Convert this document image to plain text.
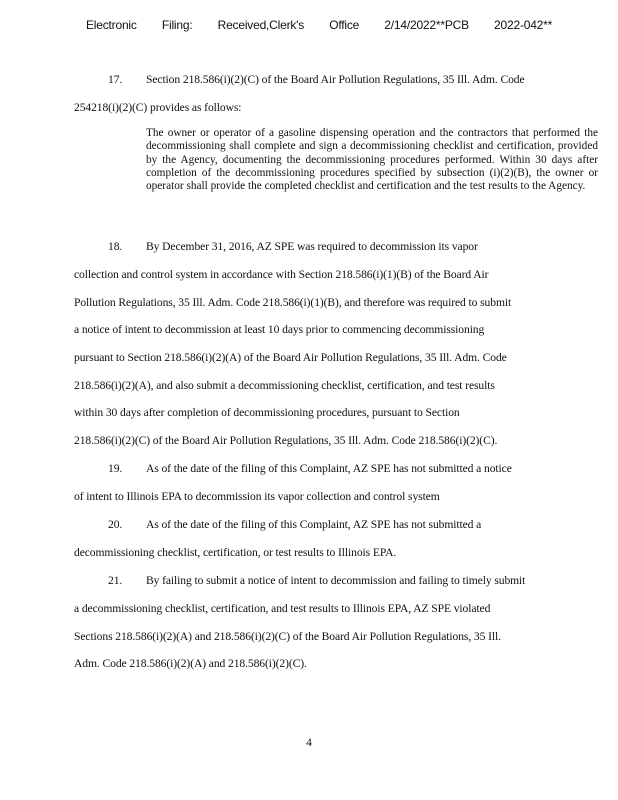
Electronic Filing: Received,Clerk's Office 2/14/2022**PCB 2022-042**
17. Section 218.586(i)(2)(C) of the Board Air Pollution Regulations, 35 Ill. Adm. Code
254218(i)(2)(C) provides as follows:
The owner or operator of a gasoline dispensing operation and the contractors that performed the decommissioning shall complete and sign a decommissioning checklist and certification, provided by the Agency, documenting the decommissioning procedures performed. Within 30 days after completion of the decommissioning procedures specified by subsection (i)(2)(B), the owner or operator shall provide the completed checklist and certification and the test results to the Agency.
18. By December 31, 2016, AZ SPE was required to decommission its vapor
collection and control system in accordance with Section 218.586(i)(1)(B) of the Board Air
Pollution Regulations, 35 Ill. Adm. Code 218.586(i)(1)(B), and therefore was required to submit
a notice of intent to decommission at least 10 days prior to commencing decommissioning
pursuant to Section 218.586(i)(2)(A) of the Board Air Pollution Regulations, 35 Ill. Adm. Code
218.586(i)(2)(A), and also submit a decommissioning checklist, certification, and test results
within 30 days after completion of decommissioning procedures, pursuant to Section
218.586(i)(2)(C) of the Board Air Pollution Regulations, 35 Ill. Adm. Code 218.586(i)(2)(C).
19. As of the date of the filing of this Complaint, AZ SPE has not submitted a notice
of intent to Illinois EPA to decommission its vapor collection and control system
20. As of the date of the filing of this Complaint, AZ SPE has not submitted a
decommissioning checklist, certification, or test results to Illinois EPA.
21. By failing to submit a notice of intent to decommission and failing to timely submit
a decommissioning checklist, certification, and test results to Illinois EPA, AZ SPE violated
Sections 218.586(i)(2)(A) and 218.586(i)(2)(C) of the Board Air Pollution Regulations, 35 Ill.
Adm. Code 218.586(i)(2)(A) and 218.586(i)(2)(C).
4
